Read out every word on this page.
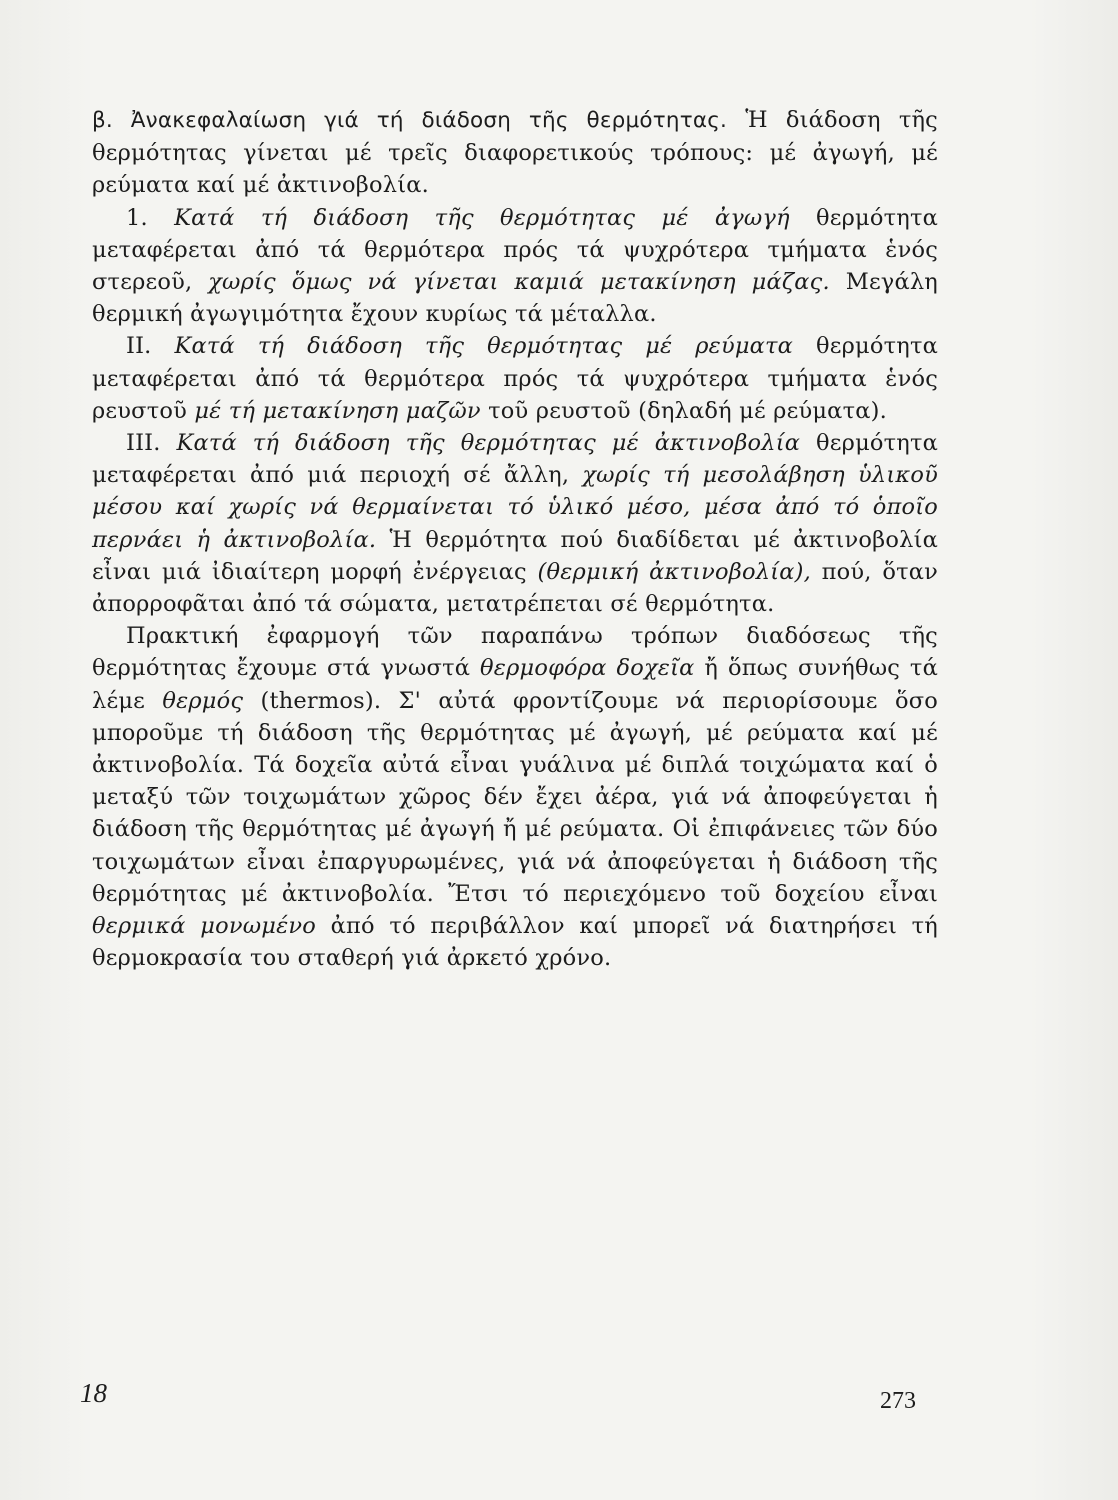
β. Ἀνακεφαλαίωση γιά τή διάδοση τῆς θερμότητας. Ἡ διάδοση τῆς θερμότητας γίνεται μέ τρεῖς διαφορετικούς τρόπους: μέ ἀγωγή, μέ ρεύματα καί μέ ἀκτινοβολία.

1. Κατά τή διάδοση τῆς θερμότητας μέ ἀγωγή θερμότητα μεταφέρεται ἀπό τά θερμότερα πρός τά ψυχρότερα τμήματα ἑνός στερεοῦ, χωρίς ὅμως νά γίνεται καμιά μετακίνηση μάζας. Μεγάλη θερμική ἀγωγιμότητα ἔχουν κυρίως τά μέταλλα.

II. Κατά τή διάδοση τῆς θερμότητας μέ ρεύματα θερμότητα μεταφέρεται ἀπό τά θερμότερα πρός τά ψυχρότερα τμήματα ἑνός ρευστοῦ μέ τή μετακίνηση μαζῶν τοῦ ρευστοῦ (δηλαδή μέ ρεύματα).

III. Κατά τή διάδοση τῆς θερμότητας μέ ἀκτινοβολία θερμότητα μεταφέρεται ἀπό μιά περιοχή σέ ἄλλη, χωρίς τή μεσολάβηση ὑλικοῦ μέσου καί χωρίς νά θερμαίνεται τό ὑλικό μέσο, μέσα ἀπό τό ὁποῖο περνάει ἡ ἀκτινοβολία. Ἡ θερμότητα πού διαδίδεται μέ ἀκτινοβολία εἶναι μιά ἰδιαίτερη μορφή ἐνέργειας (θερμική ἀκτινοβολία), πού, ὅταν ἀπορροφᾶται ἀπό τά σώματα, μετατρέπεται σέ θερμότητα.

Πρακτική ἐφαρμογή τῶν παραπάνω τρόπων διαδόσεως τῆς θερμότητας ἔχουμε στά γνωστά θερμοφόρα δοχεῖα ἤ ὅπως συνήθως τά λέμε θερμός (thermos). Σ' αὐτά φροντίζουμε νά περιορίσουμε ὅσο μποροῦμε τή διάδοση τῆς θερμότητας μέ ἀγωγή, μέ ρεύματα καί μέ ἀκτινοβολία. Τά δοχεῖα αὐτά εἶναι γυάλινα μέ διπλά τοιχώματα καί ὁ μεταξύ τῶν τοιχωμάτων χῶρος δέν ἔχει ἀέρα, γιά νά ἀποφεύγεται ἡ διάδοση τῆς θερμότητας μέ ἀγωγή ἤ μέ ρεύματα. Οἱ ἐπιφάνειες τῶν δύο τοιχωμάτων εἶναι ἐπαργυρωμένες, γιά νά ἀποφεύγεται ἡ διάδοση τῆς θερμότητας μέ ἀκτινοβολία. Ἔτσι τό περιεχόμενο τοῦ δοχείου εἶναι θερμικά μονωμένο ἀπό τό περιβάλλον καί μπορεῖ νά διατηρήσει τή θερμοκρασία του σταθερή γιά ἀρκετό χρόνο.

18	273
